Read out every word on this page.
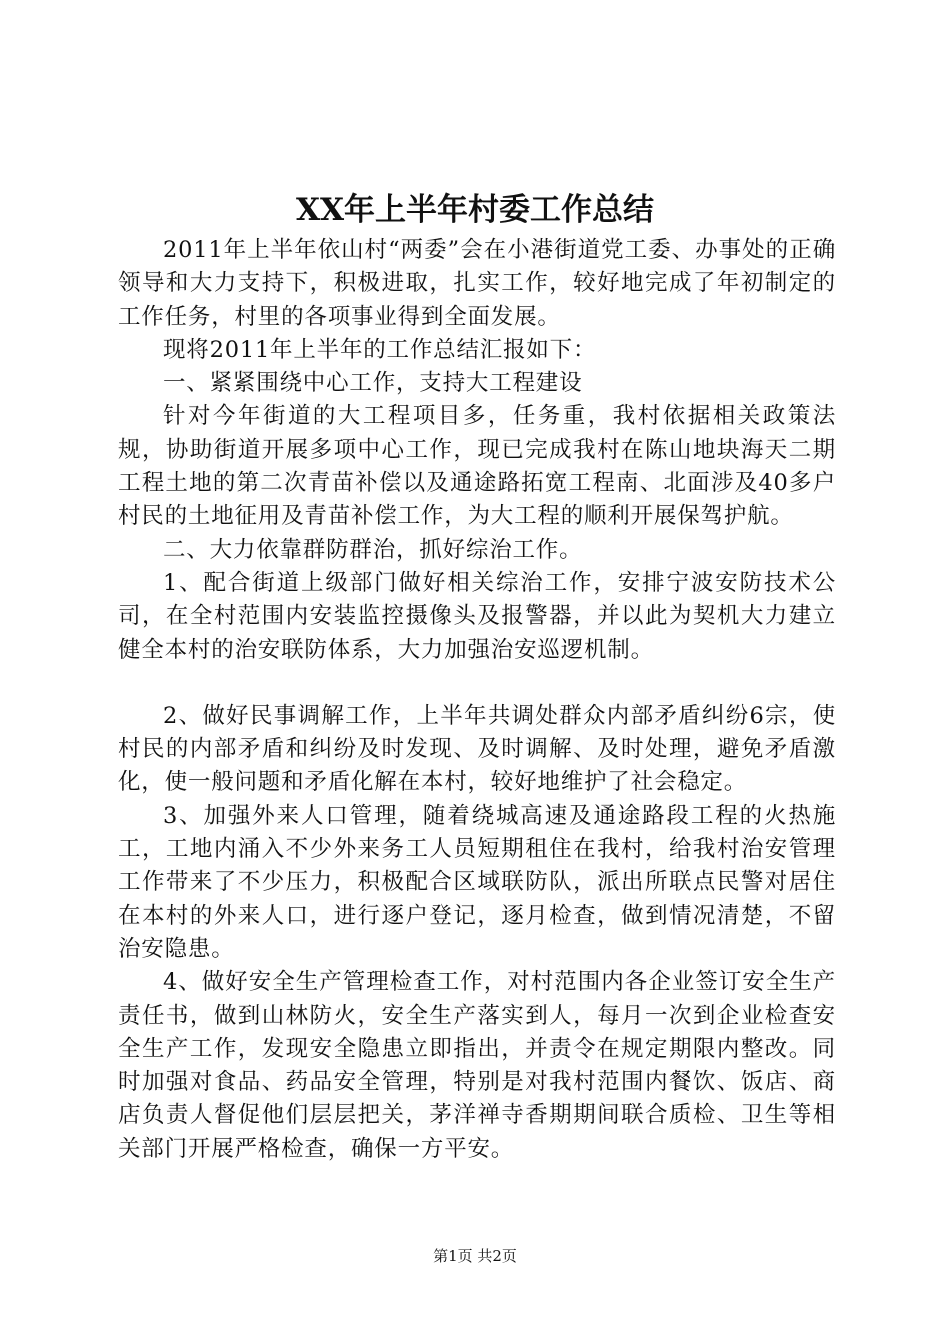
XX年上半年村委工作总结

2011年上半年依山村“两委”会在小港街道党工委、办事处的正确领导和大力支持下，积极进取，扎实工作，较好地完成了年初制定的工作任务，村里的各项事业得到全面发展。

现将2011年上半年的工作总结汇报如下：

一、紧紧围绕中心工作，支持大工程建设

针对今年街道的大工程项目多，任务重，我村依据相关政策法规，协助街道开展多项中心工作，现已完成我村在陈山地块海天二期工程土地的第二次青苗补偿以及通途路拓宽工程南、北面涉及40多户村民的土地征用及青苗补偿工作，为大工程的顺利开展保驾护航。

二、大力依靠群防群治，抓好综治工作。

1、配合街道上级部门做好相关综治工作，安排宁波安防技术公司，在全村范围内安装监控摄像头及报警器，并以此为契机大力建立健全本村的治安联防体系，大力加强治安巡逻机制。

2、做好民事调解工作，上半年共调处群众内部矛盾纠纷6宗，使村民的内部矛盾和纠纷及时发现、及时调解、及时处理，避免矛盾激化，使一般问题和矛盾化解在本村，较好地维护了社会稳定。

3、加强外来人口管理，随着绕城高速及通途路段工程的火热施工，工地内涌入不少外来务工人员短期租住在我村，给我村治安管理工作带来了不少压力，积极配合区域联防队，派出所联点民警对居住在本村的外来人口，进行逐户登记，逐月检查，做到情况清楚，不留治安隐患。

4、做好安全生产管理检查工作，对村范围内各企业签订安全生产责任书，做到山林防火，安全生产落实到人，每月一次到企业检查安全生产工作，发现安全隐患立即指出，并责令在规定期限内整改。同时加强对食品、药品安全管理，特别是对我村范围内餐饮、饭店、商店负责人督促他们层层把关，茅洋禅寺香期期间联合质检、卫生等相关部门开展严格检查，确保一方平安。

第1页 共2页
